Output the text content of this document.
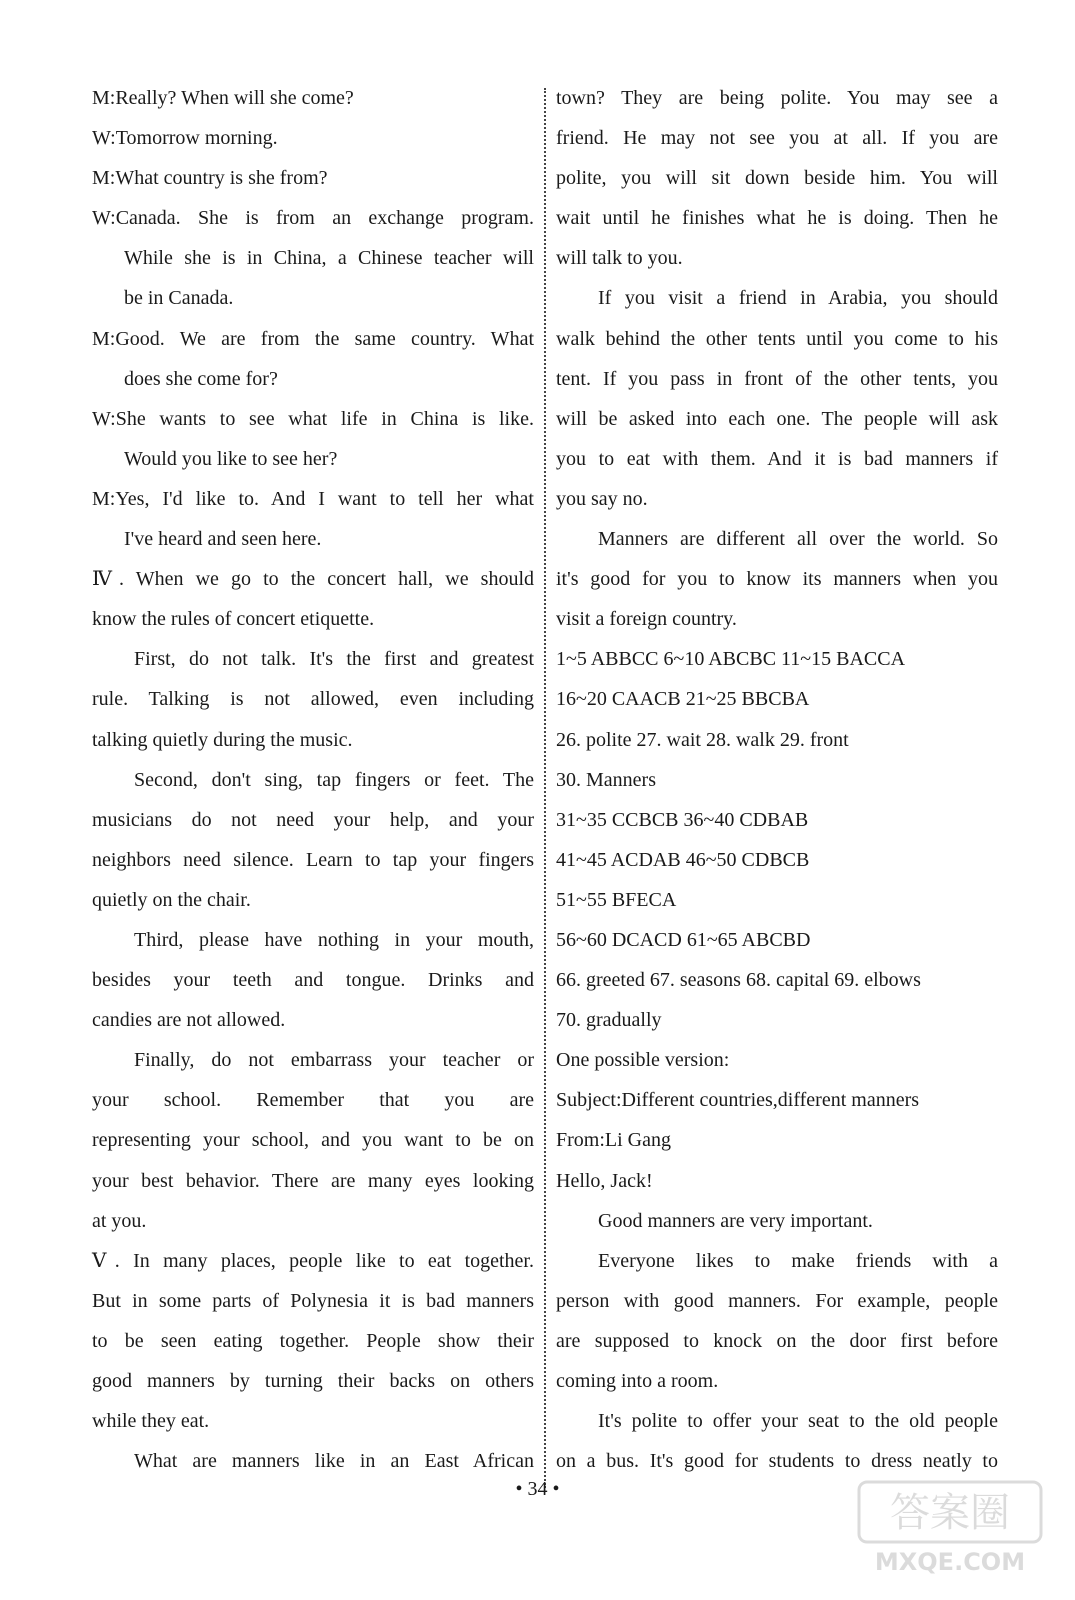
M:Really? When will she come?
W:Tomorrow morning.
M:What country is she from?
W:Canada. She is from an exchange program.
While she is in China, a Chinese teacher will
be in Canada.
M:Good. We are from the same country. What
does she come for?
W:She wants to see what life in China is like.
Would you like to see her?
M:Yes, I'd like to. And I want to tell her what
I've heard and seen here.
Ⅳ. When we go to the concert hall, we should
know the rules of concert etiquette.
First, do not talk. It's the first and greatest
rule. Talking is not allowed, even including
talking quietly during the music.
Second, don't sing, tap fingers or feet. The
musicians do not need your help, and your
neighbors need silence. Learn to tap your fingers
quietly on the chair.
Third, please have nothing in your mouth,
besides your teeth and tongue. Drinks and
candies are not allowed.
Finally, do not embarrass your teacher or
your school. Remember that you are
representing your school, and you want to be on
your best behavior. There are many eyes looking
at you.
Ⅴ. In many places, people like to eat together.
But in some parts of Polynesia it is bad manners
to be seen eating together. People show their
good manners by turning their backs on others
while they eat.
What are manners like in an East African
town? They are being polite. You may see a
friend. He may not see you at all. If you are
polite, you will sit down beside him. You will
wait until he finishes what he is doing. Then he
will talk to you.
If you visit a friend in Arabia, you should
walk behind the other tents until you come to his
tent. If you pass in front of the other tents, you
will be asked into each one. The people will ask
you to eat with them. And it is bad manners if
you say no.
Manners are different all over the world. So
it's good for you to know its manners when you
visit a foreign country.
1~5 ABBCC 6~10 ABCBC 11~15 BACCA
16~20 CAACB 21~25 BBCBA
26. polite 27. wait 28. walk 29. front
30. Manners
31~35 CCBCB 36~40 CDBAB
41~45 ACDAB 46~50 CDBCB
51~55 BFECA
56~60 DCACD 61~65 ABCBD
66. greeted 67. seasons 68. capital 69. elbows
70. gradually
One possible version:
Subject:Different countries,different manners
From:Li Gang
Hello, Jack!
Good manners are very important.
Everyone likes to make friends with a
person with good manners. For example, people
are supposed to knock on the door first before
coming into a room.
It's polite to offer your seat to the old people
on a bus. It's good for students to dress neatly to
• 34 •
答案圈
MXQE.COM
